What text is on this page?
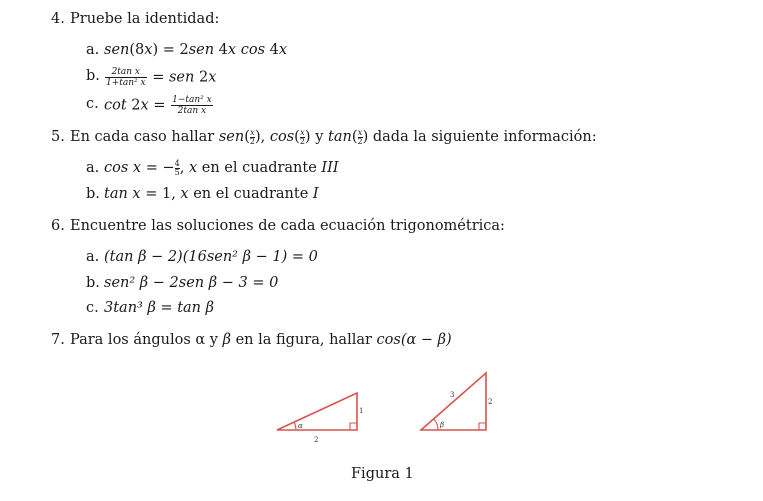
4. Pruebe la identidad:
a. sen(8x) = 2sen 4x cos 4x
b. $\frac{\text{2tan x}}{\text{1+tan² x}}$ = sen 2x
c. $\cot 2x = \frac{\text{1−tan² x}}{\text{2tan x}}$
5. En cada caso hallar $sen( \frac{x}{2}$ ), $\cos( \frac{x}{2}$ ) y $\tan( \frac{x}{2}$ ) dada la siguiente información:
a. cos x = − $\frac{4}{5}$ , x en el cuadrante III
b. tan x = 1, x en el cuadrante I
6. Encuentre las soluciones de cada ecuación trigonométrica:
a. (tan β − 2)(16sen² β − 1) = 0
b. sen² β − 2sen β − 3 = 0
c. 3tan³ β = tan β
7. Para los ángulos α y β en la figura, hallar cos(α − β)
α
2
1
β
3
2
Figura 1
